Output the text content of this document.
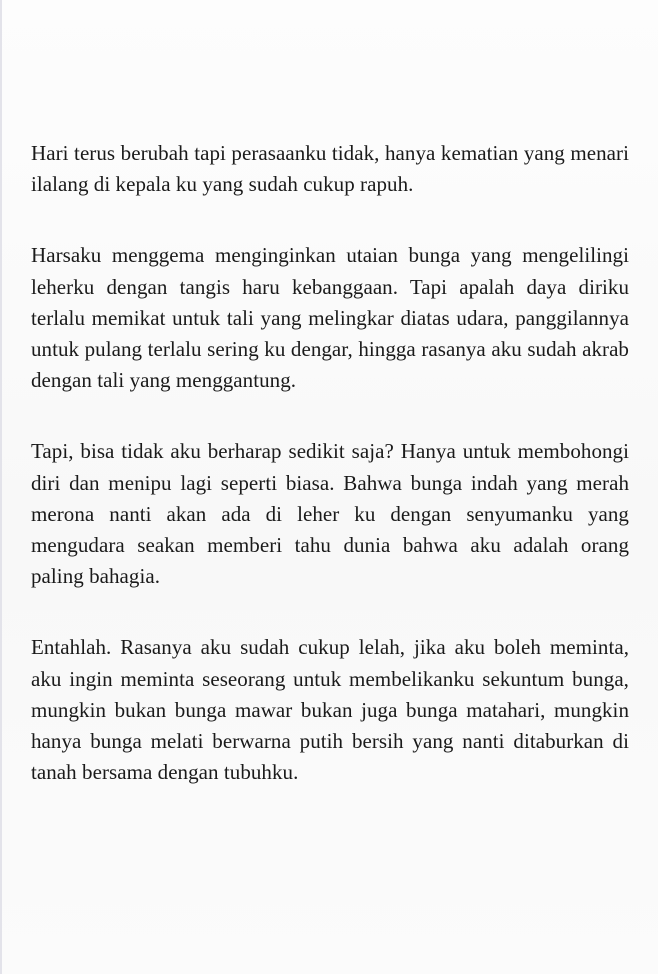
Hari terus berubah tapi perasaanku tidak, hanya kematian yang menari ilalang di kepala ku yang sudah cukup rapuh.

Harsaku menggema menginginkan utaian bunga yang mengelilingi leherku dengan tangis haru kebanggaan. Tapi apalah daya diriku terlalu memikat untuk tali yang melingkar diatas udara, panggilannya untuk pulang terlalu sering ku dengar, hingga rasanya aku sudah akrab dengan tali yang menggantung.

Tapi, bisa tidak aku berharap sedikit saja? Hanya untuk membohongi diri dan menipu lagi seperti biasa. Bahwa bunga indah yang merah merona nanti akan ada di leher ku dengan senyumanku yang mengudara seakan memberi tahu dunia bahwa aku adalah orang paling bahagia.

Entahlah. Rasanya aku sudah cukup lelah, jika aku boleh meminta, aku ingin meminta seseorang untuk membelikanku sekuntum bunga, mungkin bukan bunga mawar bukan juga bunga matahari, mungkin hanya bunga melati berwarna putih bersih yang nanti ditaburkan di tanah bersama dengan tubuhku.
